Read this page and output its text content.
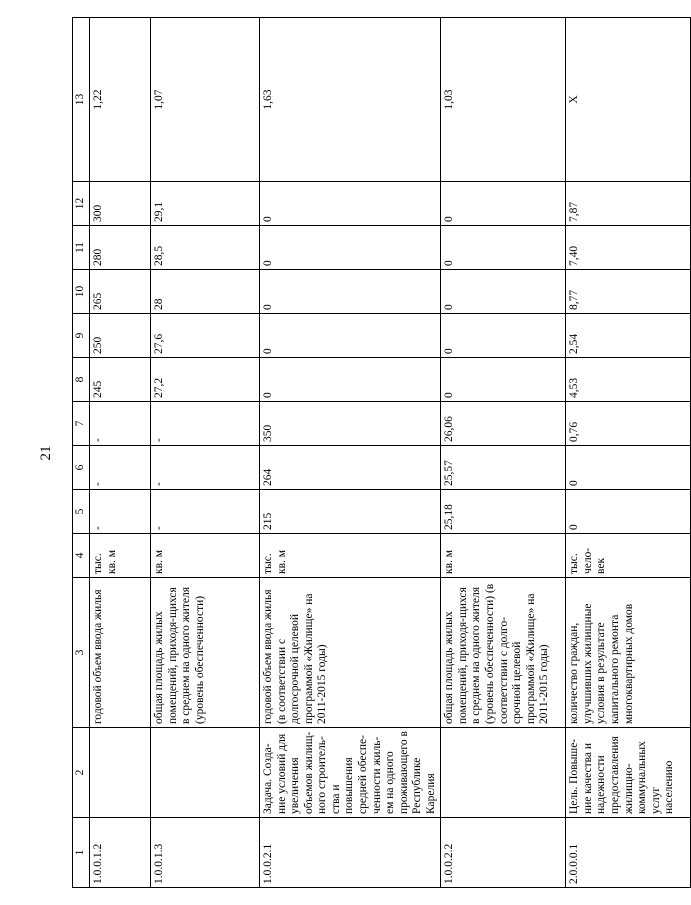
21
1	2	3	4	5	6	7	8	9	10	11	12	13
1.0.0.1.2		годовой объем ввода жилья	тыс. кв. м	-	-	-	245	250	265	280	300	1,22
1.0.0.1.3		общая площадь жилых помещений, приходя-щихся в среднем на одного жителя (уровень обеспеченности)	кв. м	-	-	-	27,2	27,6	28	28,5	29,1	1,07
1.0.0.2.1	Задача. Созда-ние условий для увеличения объемов жилищ-ного строитель-ства и повышения средней обеспе-ченности жиль-ем на одного проживающего в Республике Карелия	годовой объем ввода жилья (в соответствии с долгосрочной целевой программой «Жилище» на 2011-2015 годы)	тыс. кв. м	215	264	350	0	0	0	0	0	1,63
1.0.0.2.2		общая площадь жилых помещений, приходя-щихся в среднем на одного жителя (уровень обеспеченности) (в соответствии с долго-срочной целевой программой «Жилище» на 2011-2015 годы)	кв. м	25,18	25,57	26,06	0	0	0	0	0	1,03
2.0.0.0.1	Цель. Повыше-ние качества и надежности предоставления жилищно-коммунальных услуг населению	количество граждан, улучшивших жилищные условия в результате капитального ремонта многоквартирных домов	тыс. чело-век	0	0	0,76	4,53	2,54	8,77	7,40	7,87	Х
